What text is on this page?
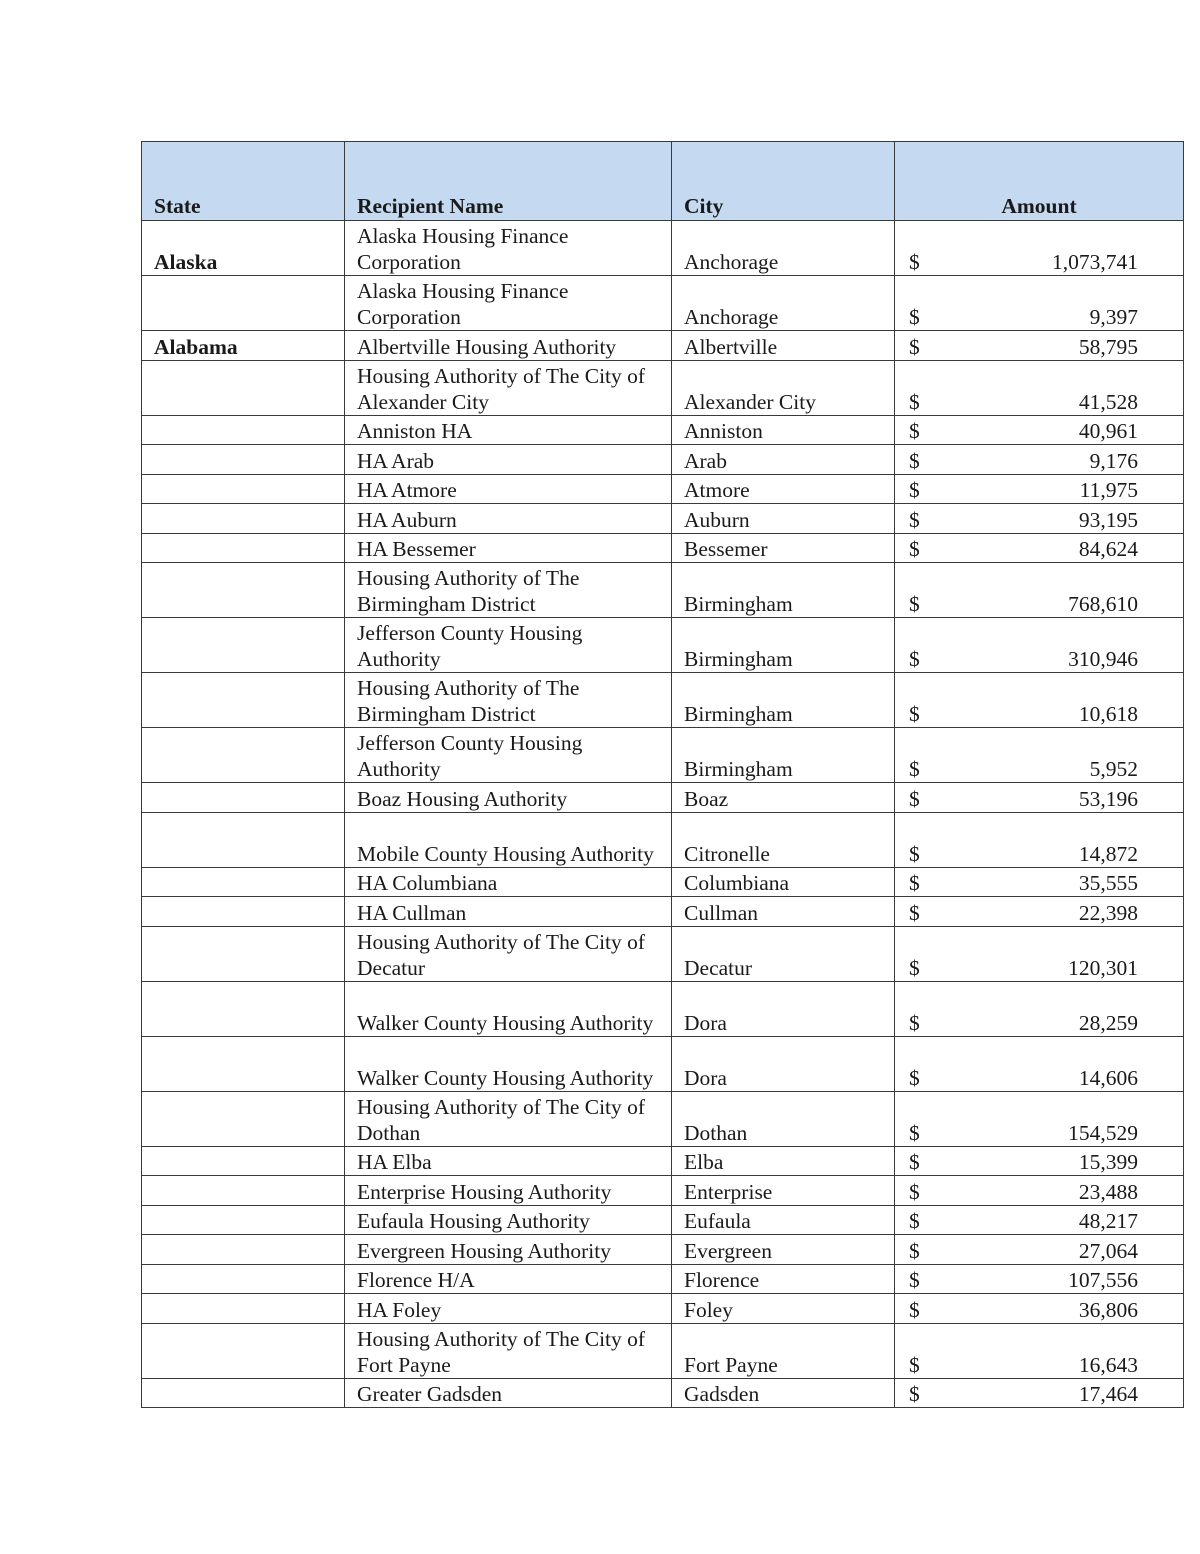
State	Recipient Name	City	Amount
Alaska	Alaska Housing Finance Corporation	Anchorage	$ 1,073,741

	Alaska Housing Finance Corporation	Anchorage	$ 9,397

Alabama	Albertville Housing Authority	Albertville	$ 58,795

	Housing Authority of The City of Alexander City	Alexander City	$ 41,528

	Anniston HA	Anniston	$ 40,961

	HA Arab	Arab	$ 9,176

	HA Atmore	Atmore	$ 11,975

	HA Auburn	Auburn	$ 93,195

	HA Bessemer	Bessemer	$ 84,624

	Housing Authority of The Birmingham District	Birmingham	$ 768,610

	Jefferson County Housing Authority	Birmingham	$ 310,946

	Housing Authority of The Birmingham District	Birmingham	$ 10,618

	Jefferson County Housing Authority	Birmingham	$ 5,952

	Boaz Housing Authority	Boaz	$ 53,196

	Mobile County Housing Authority	Citronelle	$ 14,872

	HA Columbiana	Columbiana	$ 35,555

	HA Cullman	Cullman	$ 22,398

	Housing Authority of The City of Decatur	Decatur	$ 120,301

	Walker County Housing Authority	Dora	$ 28,259

	Walker County Housing Authority	Dora	$ 14,606

	Housing Authority of The City of Dothan	Dothan	$ 154,529

	HA Elba	Elba	$ 15,399

	Enterprise Housing Authority	Enterprise	$ 23,488

	Eufaula Housing Authority	Eufaula	$ 48,217

	Evergreen Housing Authority	Evergreen	$ 27,064

	Florence H/A	Florence	$ 107,556

	HA Foley	Foley	$ 36,806

	Housing Authority of The City of Fort Payne	Fort Payne	$ 16,643

	Greater Gadsden	Gadsden	$ 17,464
